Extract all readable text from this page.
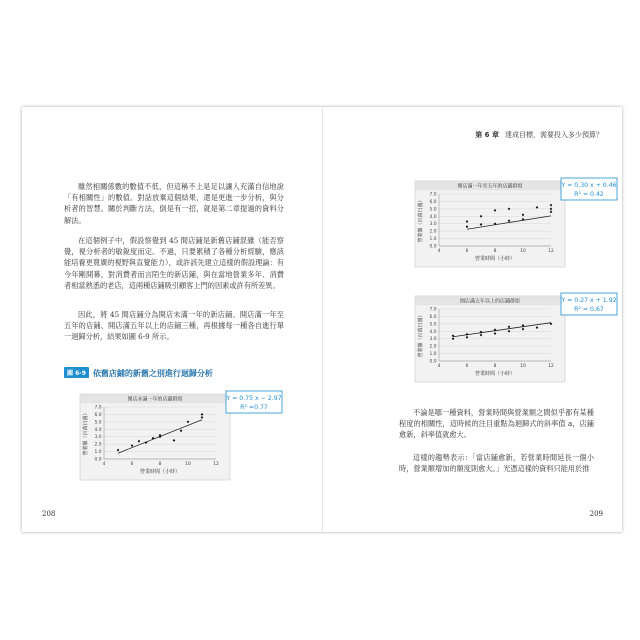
雖然相關係數的數值不低，但這稱不上是足以讓人充滿自信地說「有相關性」的數值。對話放棄這個結果，還是更進一步分析，與分析者的智慧。關於判斷方法，倒是有一招，就是第二章提過的資料分解法。

在這個例子中，假設察覺到 45 間店鋪是新舊店鋪混雜（能否察覺，視分析者的敏銳度而定。不過，只要累積了各種分析經驗，應該能培養更寬廣的視野與直覺能力），或許該先建立這樣的假設理論：有今年剛開幕，對消費者而言陌生的新店鋪，與在當地營業多年、消費者相當熟悉的老店，這兩種店鋪吸引顧客上門的因素或許有所差異。

因此，將 45 間店鋪分為開店未滿一年的新店鋪、開店滿一年至五年的店鋪、開店滿五年以上的店鋪三種，再根據每一種各自進行單一迴歸分析，結果如圖 6-9 所示。

圖 6-9 依舊店鋪的新舊之別進行迴歸分析
開店未滿一年的店鋪群組
0.0
1.0
2.0
3.0
4.0
5.0
6.0
7.0
4	6	8	10	12
營業時間（小時）
營業額（百萬日圓）
Y = 0.75 x − 2.97
R² =0.77
208
第 6 章 達成目標，需要投入多少預算？
開店滿一年至五年的店鋪群組
0.0
1.0
2.0
3.0
4.0
5.0
6.0
7.0
4	6	8	10	12
營業時間（小時）
營業額（百萬日圓）
Y = 0.30 x + 0.46
R² = 0.42
開店滿五年以上的店鋪群組
0.0
1.0
2.0
3.0
4.0
5.0
6.0
7.0
4	6	8	10	12
營業時間（小時）
營業額（百萬日圓）
Y = 0.27 x + 1.92
R² = 0.67

不論是哪一種資料，營業時間與營業額之間似乎都有某種程度的相關性，這時候的注目重點為迴歸式的斜率值 a，店鋪愈新，斜率值就愈大。

這樣的趨勢表示：「當店鋪愈新，若營業時間延長一個小時，營業額增加的額度則愈大。」光憑這樣的資料只能用於推

209
